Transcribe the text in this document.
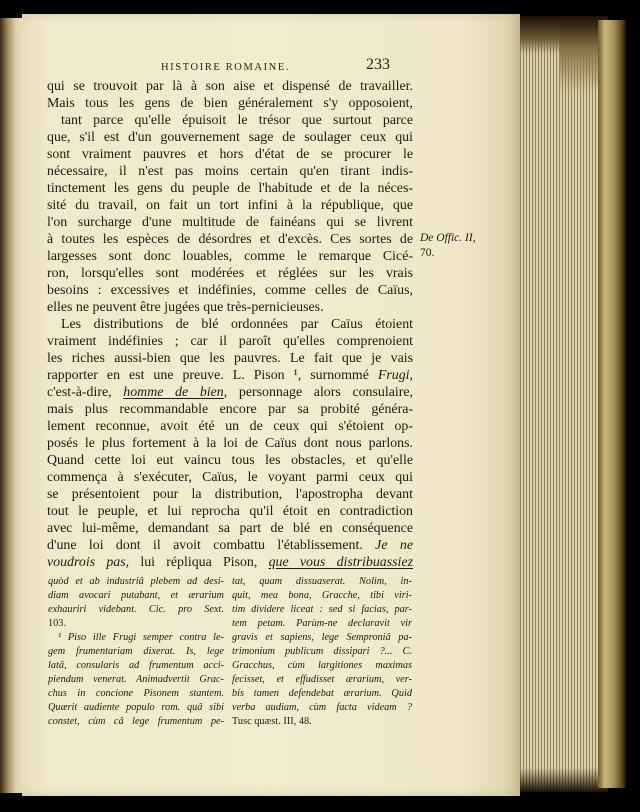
HISTOIRE ROMAINE.	233
qui se trouvoit par là à son aise et dispensé de travailler.
Mais tous les gens de bien généralement s'y opposoient,
tant parce qu'elle épuisoit le trésor que surtout parce
que, s'il est d'un gouvernement sage de soulager ceux qui
sont vraiment pauvres et hors d'état de se procurer le
nécessaire, il n'est pas moins certain qu'en tirant indis-
tinctement les gens du peuple de l'habitude et de la néces-
sité du travail, on fait un tort infini à la république, que
l'on surcharge d'une multitude de fainéans qui se livrent
à toutes les espèces de désordres et d'excès. Ces sortes de
largesses sont donc louables, comme le remarque Cicé-
ron, lorsqu'elles sont modérées et réglées sur les vrais
besoins : excessives et indéfinies, comme celles de Caïus,
elles ne peuvent être jugées que très-pernicieuses.
Les distributions de blé ordonnées par Caïus étoient
vraiment indéfinies ; car il paroît qu'elles comprenoient
les riches aussi-bien que les pauvres. Le fait que je vais
rapporter en est une preuve. L. Pison ¹, surnommé Frugi,
c'est-à-dire, homme de bien, personnage alors consulaire,
mais plus recommandable encore par sa probité généra-
lement reconnue, avoit été un de ceux qui s'étoient op-
posés le plus fortement à la loi de Caïus dont nous parlons.
Quand cette loi eut vaincu tous les obstacles, et qu'elle
commença à s'exécuter, Caïus, le voyant parmi ceux qui
se présentoient pour la distribution, l'apostropha devant
tout le peuple, et lui reprocha qu'il étoit en contradiction
avec lui-même, demandant sa part de blé en conséquence
d'une loi dont il avoit combattu l'établissement. Je ne
voudrois pas, lui répliqua Pison, que vous distribuassiez
De Offic. II,
70.
quòd et ab industriâ plebem ad desi-
diam avocari putabant, et ærarium
exhauriri videbant. Cic. pro Sext.
103.
¹ Piso ille Frugi semper contra le-
gem frumentariam dixerat. Is, lege
latâ, consularis ad frumentum acci-
piendum venerat. Animadvertit Grac-
chus in concione Pisonem stantem.
Quærit audiente populo rom. quâ sibi
constet, cùm câ lege frumentum pe-
tat, quam dissuaserat. Nolim, in-
quit, mea bona, Gracche, tibi viri-
tim dividere liceat : sed si facias, par-
tem petam. Parùm-ne declaravit vir
gravis et sapiens, lege Semproniâ pa-
trimonium publicum dissipari ?... C.
Gracchus, cùm largitiones maximas
fecisset, et effudisset ærarium, ver-
bis tamen defendebat ærarium. Quid
verba audiam, cùm facta videam ?
Tusc quæst. III, 48.
